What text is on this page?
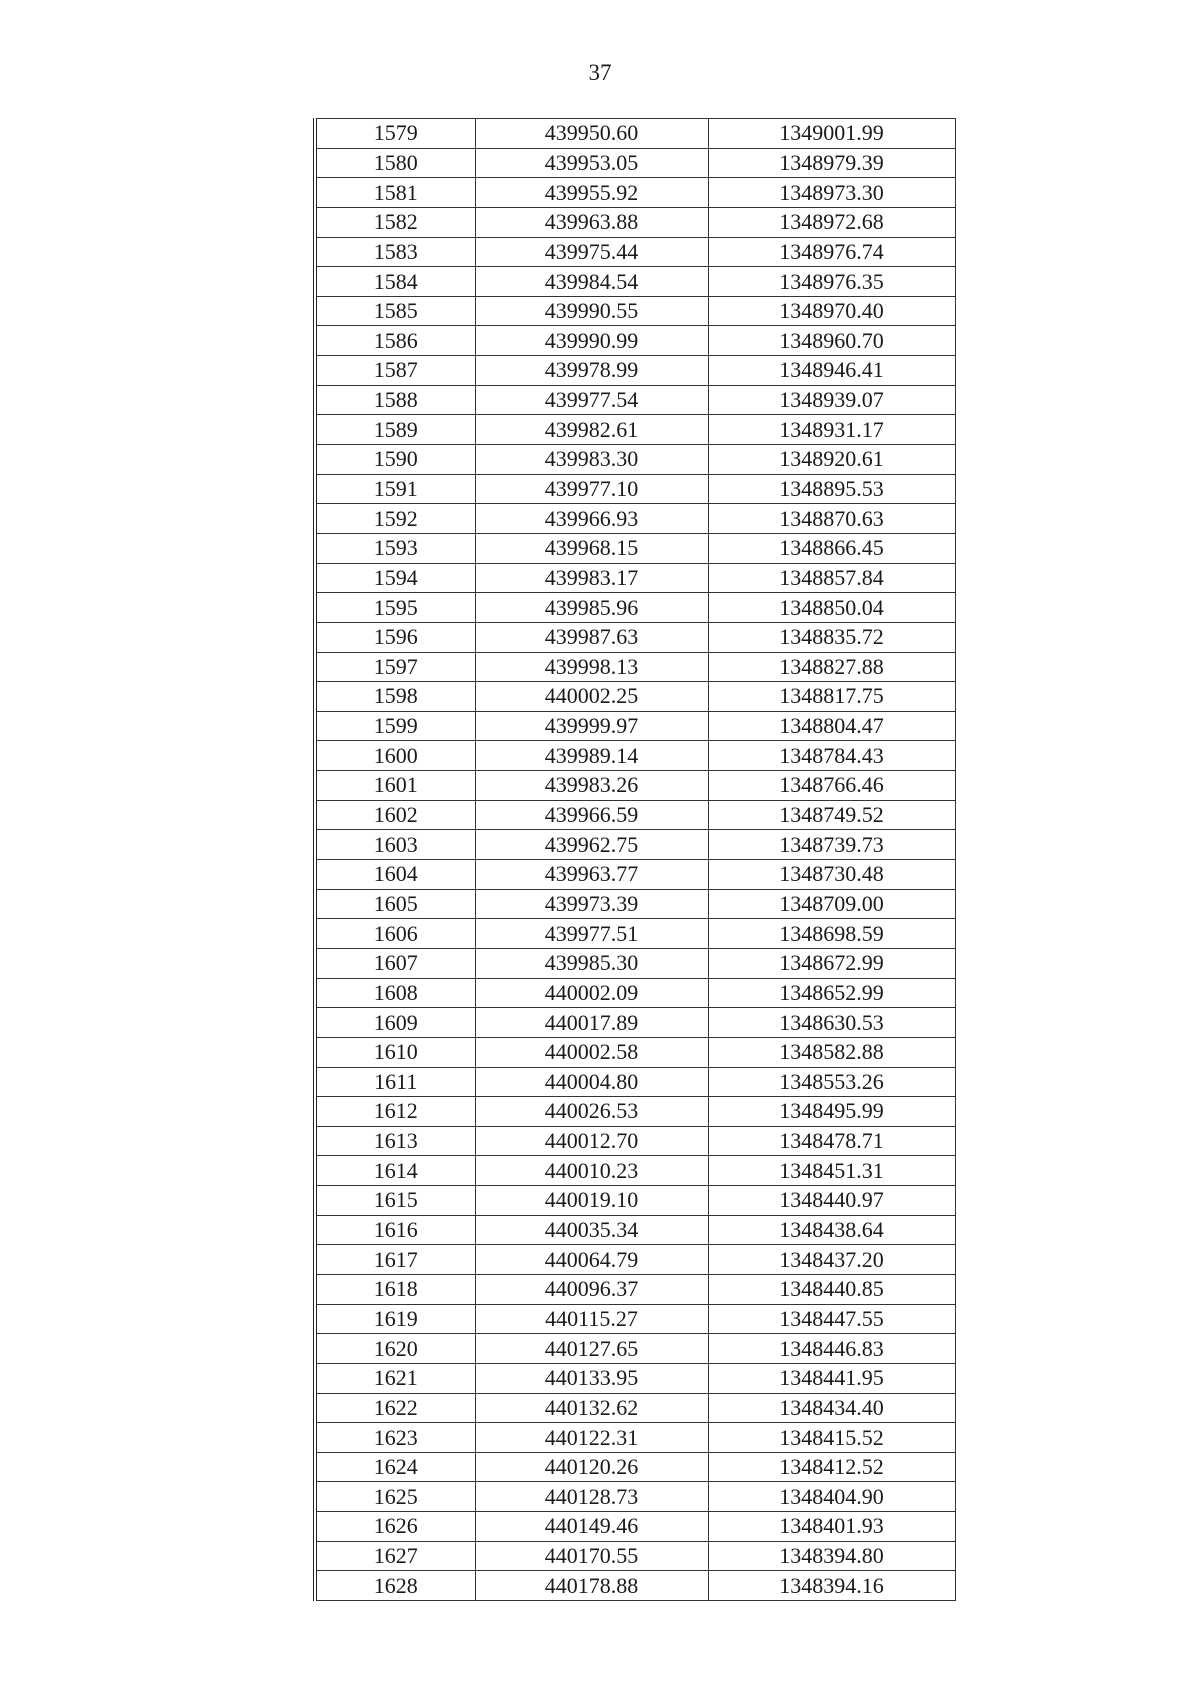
37
1579	439950.60	1349001.99
1580	439953.05	1348979.39
1581	439955.92	1348973.30
1582	439963.88	1348972.68
1583	439975.44	1348976.74
1584	439984.54	1348976.35
1585	439990.55	1348970.40
1586	439990.99	1348960.70
1587	439978.99	1348946.41
1588	439977.54	1348939.07
1589	439982.61	1348931.17
1590	439983.30	1348920.61
1591	439977.10	1348895.53
1592	439966.93	1348870.63
1593	439968.15	1348866.45
1594	439983.17	1348857.84
1595	439985.96	1348850.04
1596	439987.63	1348835.72
1597	439998.13	1348827.88
1598	440002.25	1348817.75
1599	439999.97	1348804.47
1600	439989.14	1348784.43
1601	439983.26	1348766.46
1602	439966.59	1348749.52
1603	439962.75	1348739.73
1604	439963.77	1348730.48
1605	439973.39	1348709.00
1606	439977.51	1348698.59
1607	439985.30	1348672.99
1608	440002.09	1348652.99
1609	440017.89	1348630.53
1610	440002.58	1348582.88
1611	440004.80	1348553.26
1612	440026.53	1348495.99
1613	440012.70	1348478.71
1614	440010.23	1348451.31
1615	440019.10	1348440.97
1616	440035.34	1348438.64
1617	440064.79	1348437.20
1618	440096.37	1348440.85
1619	440115.27	1348447.55
1620	440127.65	1348446.83
1621	440133.95	1348441.95
1622	440132.62	1348434.40
1623	440122.31	1348415.52
1624	440120.26	1348412.52
1625	440128.73	1348404.90
1626	440149.46	1348401.93
1627	440170.55	1348394.80
1628	440178.88	1348394.16
